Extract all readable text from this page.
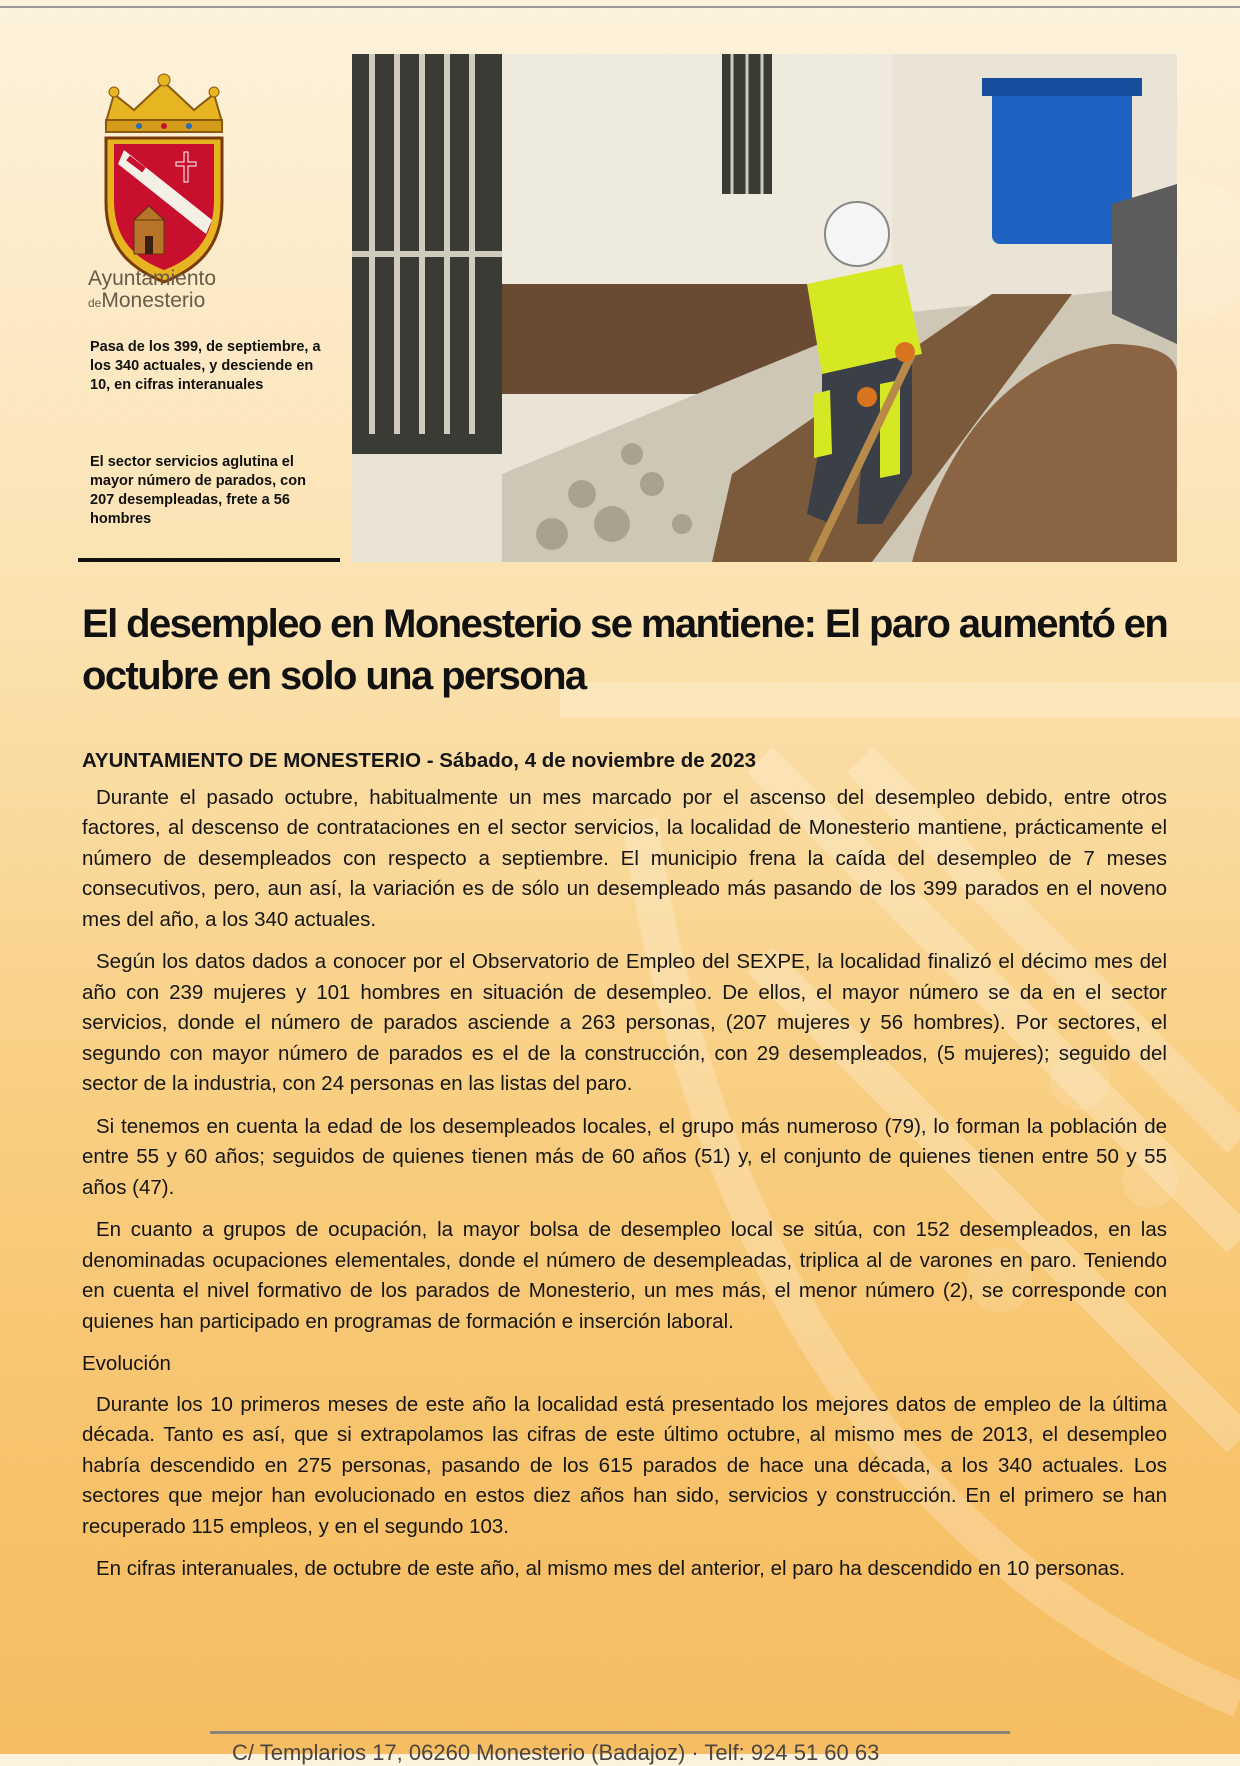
Ayuntamiento
deMonesterio
Pasa de los 399, de septiembre, a los 340 actuales, y desciende en 10, en cifras interanuales
El sector servicios aglutina el mayor número de parados, con 207 desempleadas, frete a 56 hombres
El desempleo en Monesterio se mantiene: El paro aumentó en octubre en solo una persona
AYUNTAMIENTO DE MONESTERIO - Sábado, 4 de noviembre de 2023

Durante el pasado octubre, habitualmente un mes marcado por el ascenso del desempleo debido, entre otros factores, al descenso de contrataciones en el sector servicios, la localidad de Monesterio mantiene, prácticamente el número de desempleados con respecto a septiembre. El municipio frena la caída del desempleo de 7 meses consecutivos, pero, aun así, la variación es de sólo un desempleado más pasando de los 399 parados en el noveno mes del año, a los 340 actuales.

Según los datos dados a conocer por el Observatorio de Empleo del SEXPE, la localidad finalizó el décimo mes del año con 239 mujeres y 101 hombres en situación de desempleo. De ellos, el mayor número se da en el sector servicios, donde el número de parados asciende a 263 personas, (207 mujeres y 56 hombres). Por sectores, el segundo con mayor número de parados es el de la construcción, con 29 desempleados, (5 mujeres); seguido del sector de la industria, con 24 personas en las listas del paro.

Si tenemos en cuenta la edad de los desempleados locales, el grupo más numeroso (79), lo forman la población de entre 55 y 60 años; seguidos de quienes tienen más de 60 años (51) y, el conjunto de quienes tienen entre 50 y 55 años (47).

En cuanto a grupos de ocupación, la mayor bolsa de desempleo local se sitúa, con 152 desempleados, en las denominadas ocupaciones elementales, donde el número de desempleadas, triplica al de varones en paro. Teniendo en cuenta el nivel formativo de los parados de Monesterio, un mes más, el menor número (2), se corresponde con quienes han participado en programas de formación e inserción laboral.

Evolución

Durante los 10 primeros meses de este año la localidad está presentado los mejores datos de empleo de la última década. Tanto es así, que si extrapolamos las cifras de este último octubre, al mismo mes de 2013, el desempleo habría descendido en 275 personas, pasando de los 615 parados de hace una década, a los 340 actuales. Los sectores que mejor han evolucionado en estos diez años han sido, servicios y construcción. En el primero se han recuperado 115 empleos, y en el segundo 103.

En cifras interanuales, de octubre de este año, al mismo mes del anterior, el paro ha descendido en 10 personas.

C/ Templarios 17, 06260 Monesterio (Badajoz) · Telf: 924 51 60 63
